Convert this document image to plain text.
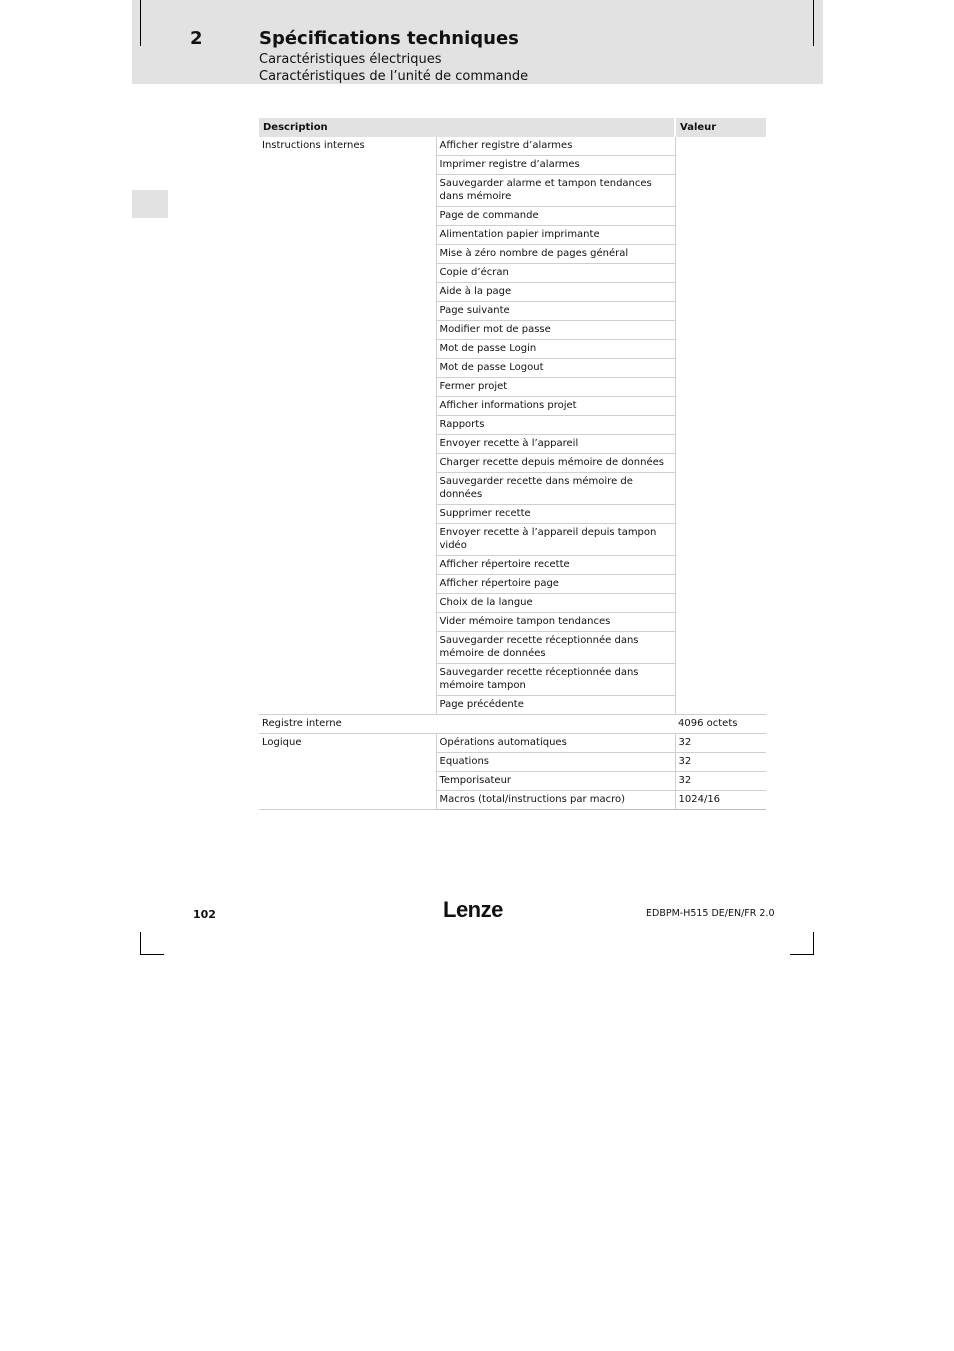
2	Spécifications techniques
Caractéristiques électriques
Caractéristiques de l’unité de commande
Description		Valeur
Instructions internes	Afficher registre d’alarmes	
	Imprimer registre d’alarmes	
	Sauvegarder alarme et tampon tendances dans mémoire	
	Page de commande	
	Alimentation papier imprimante	
	Mise à zéro nombre de pages général	
	Copie d’écran	
	Aide à la page	
	Page suivante	
	Modifier mot de passe	
	Mot de passe Login	
	Mot de passe Logout	
	Fermer projet	
	Afficher informations projet	
	Rapports	
	Envoyer recette à l’appareil	
	Charger recette depuis mémoire de données	
	Sauvegarder recette dans mémoire de données	
	Supprimer recette	
	Envoyer recette à l’appareil depuis tampon vidéo	
	Afficher répertoire recette	
	Afficher répertoire page	
	Choix de la langue	
	Vider mémoire tampon tendances	
	Sauvegarder recette réceptionnée dans mémoire de données	
	Sauvegarder recette réceptionnée dans mémoire tampon	
	Page précédente	
Registre interne		4096 octets
Logique	Opérations automatiques	32
	Equations	32
	Temporisateur	32
	Macros (total/instructions par macro)	1024/16
102	Lenze	EDBPM-H515 DE/EN/FR 2.0
